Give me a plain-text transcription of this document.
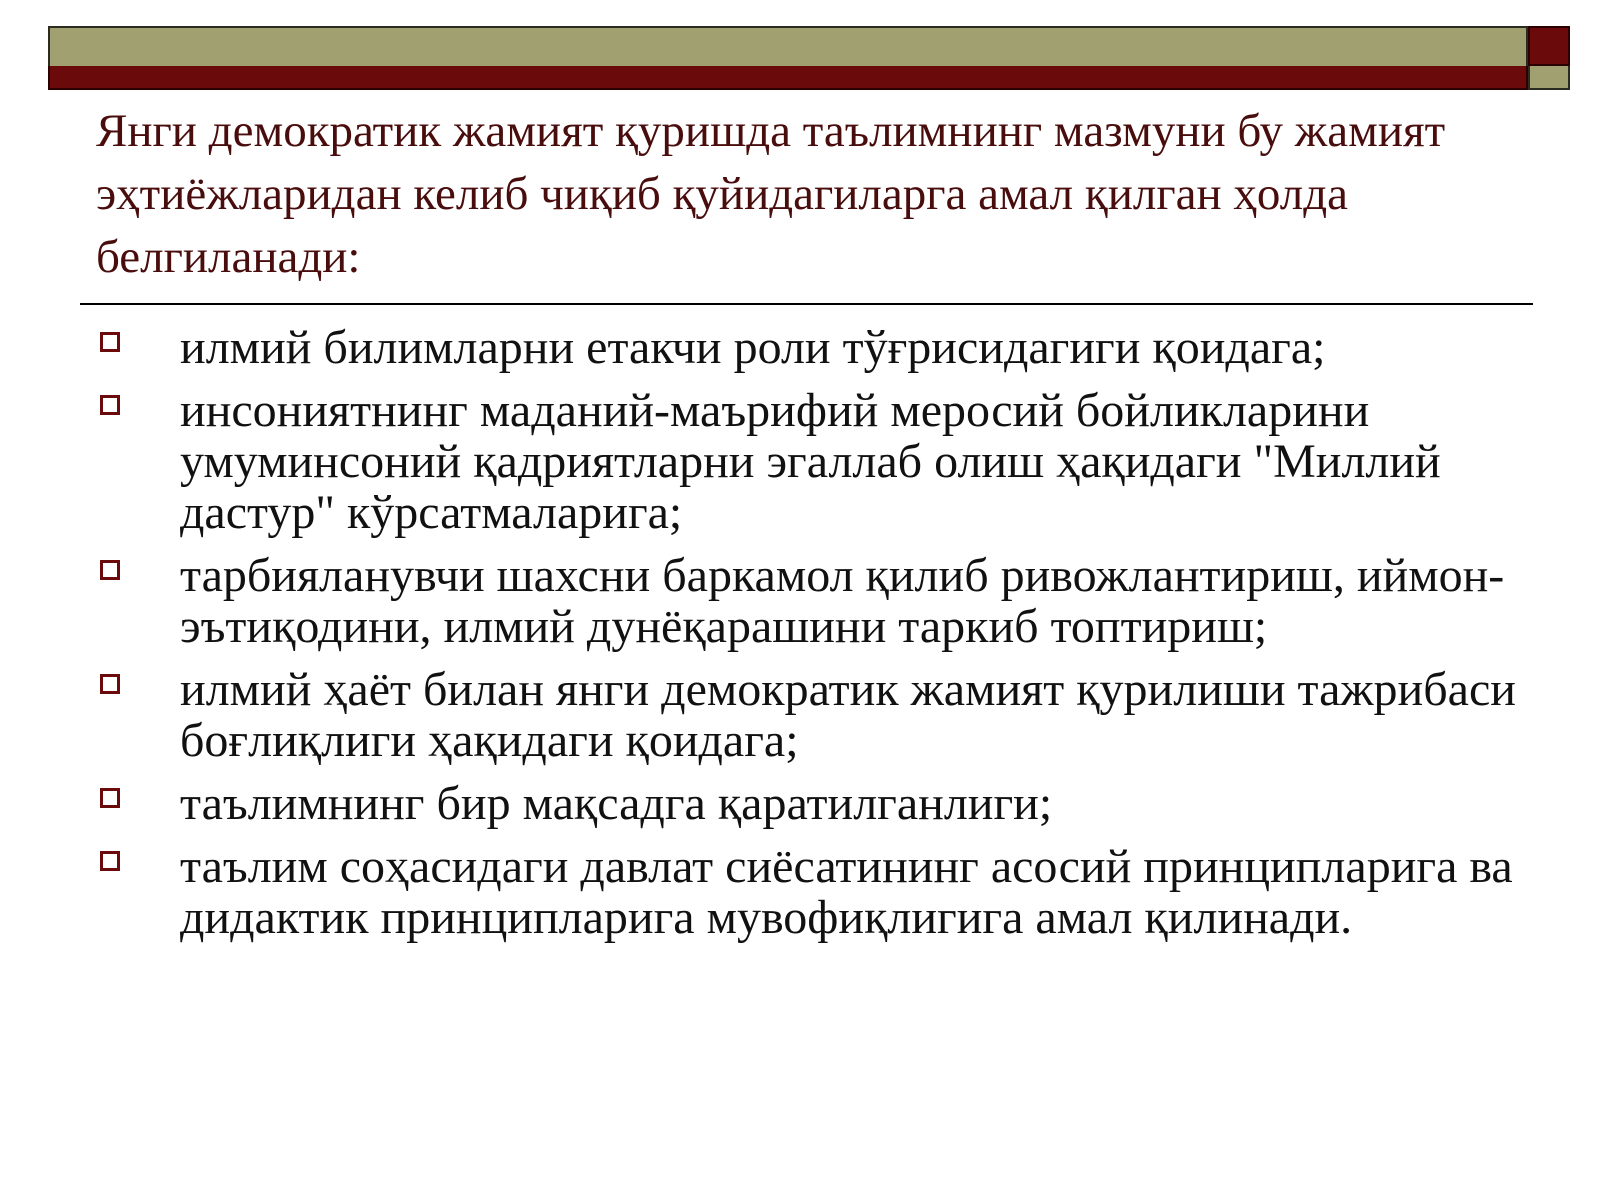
Янги демократик жамият қуришда таълимнинг мазмуни бу жамият эҳтиёжларидан келиб чиқиб қуйидагиларга амал қилган ҳолда белгиланади:
илмий билимларни етакчи роли тўғрисидагиги қоидага;
инсониятнинг маданий-маърифий меросий бойликларини умуминсоний қадриятларни эгаллаб олиш ҳақидаги "Миллий дастур" кўрсатмаларига;
тарбияланувчи шахсни баркамол қилиб ривожлантириш, иймон-эътиқодини, илмий дунёқарашини таркиб топтириш;
илмий ҳаёт билан янги демократик жамият қурилиши тажрибаси боғлиқлиги ҳақидаги қоидага;
таълимнинг бир мақсадга қаратилганлиги;
таълим соҳасидаги давлат сиёсатининг асосий принципларига ва дидактик принципларига мувофиқлигига амал қилинади.
